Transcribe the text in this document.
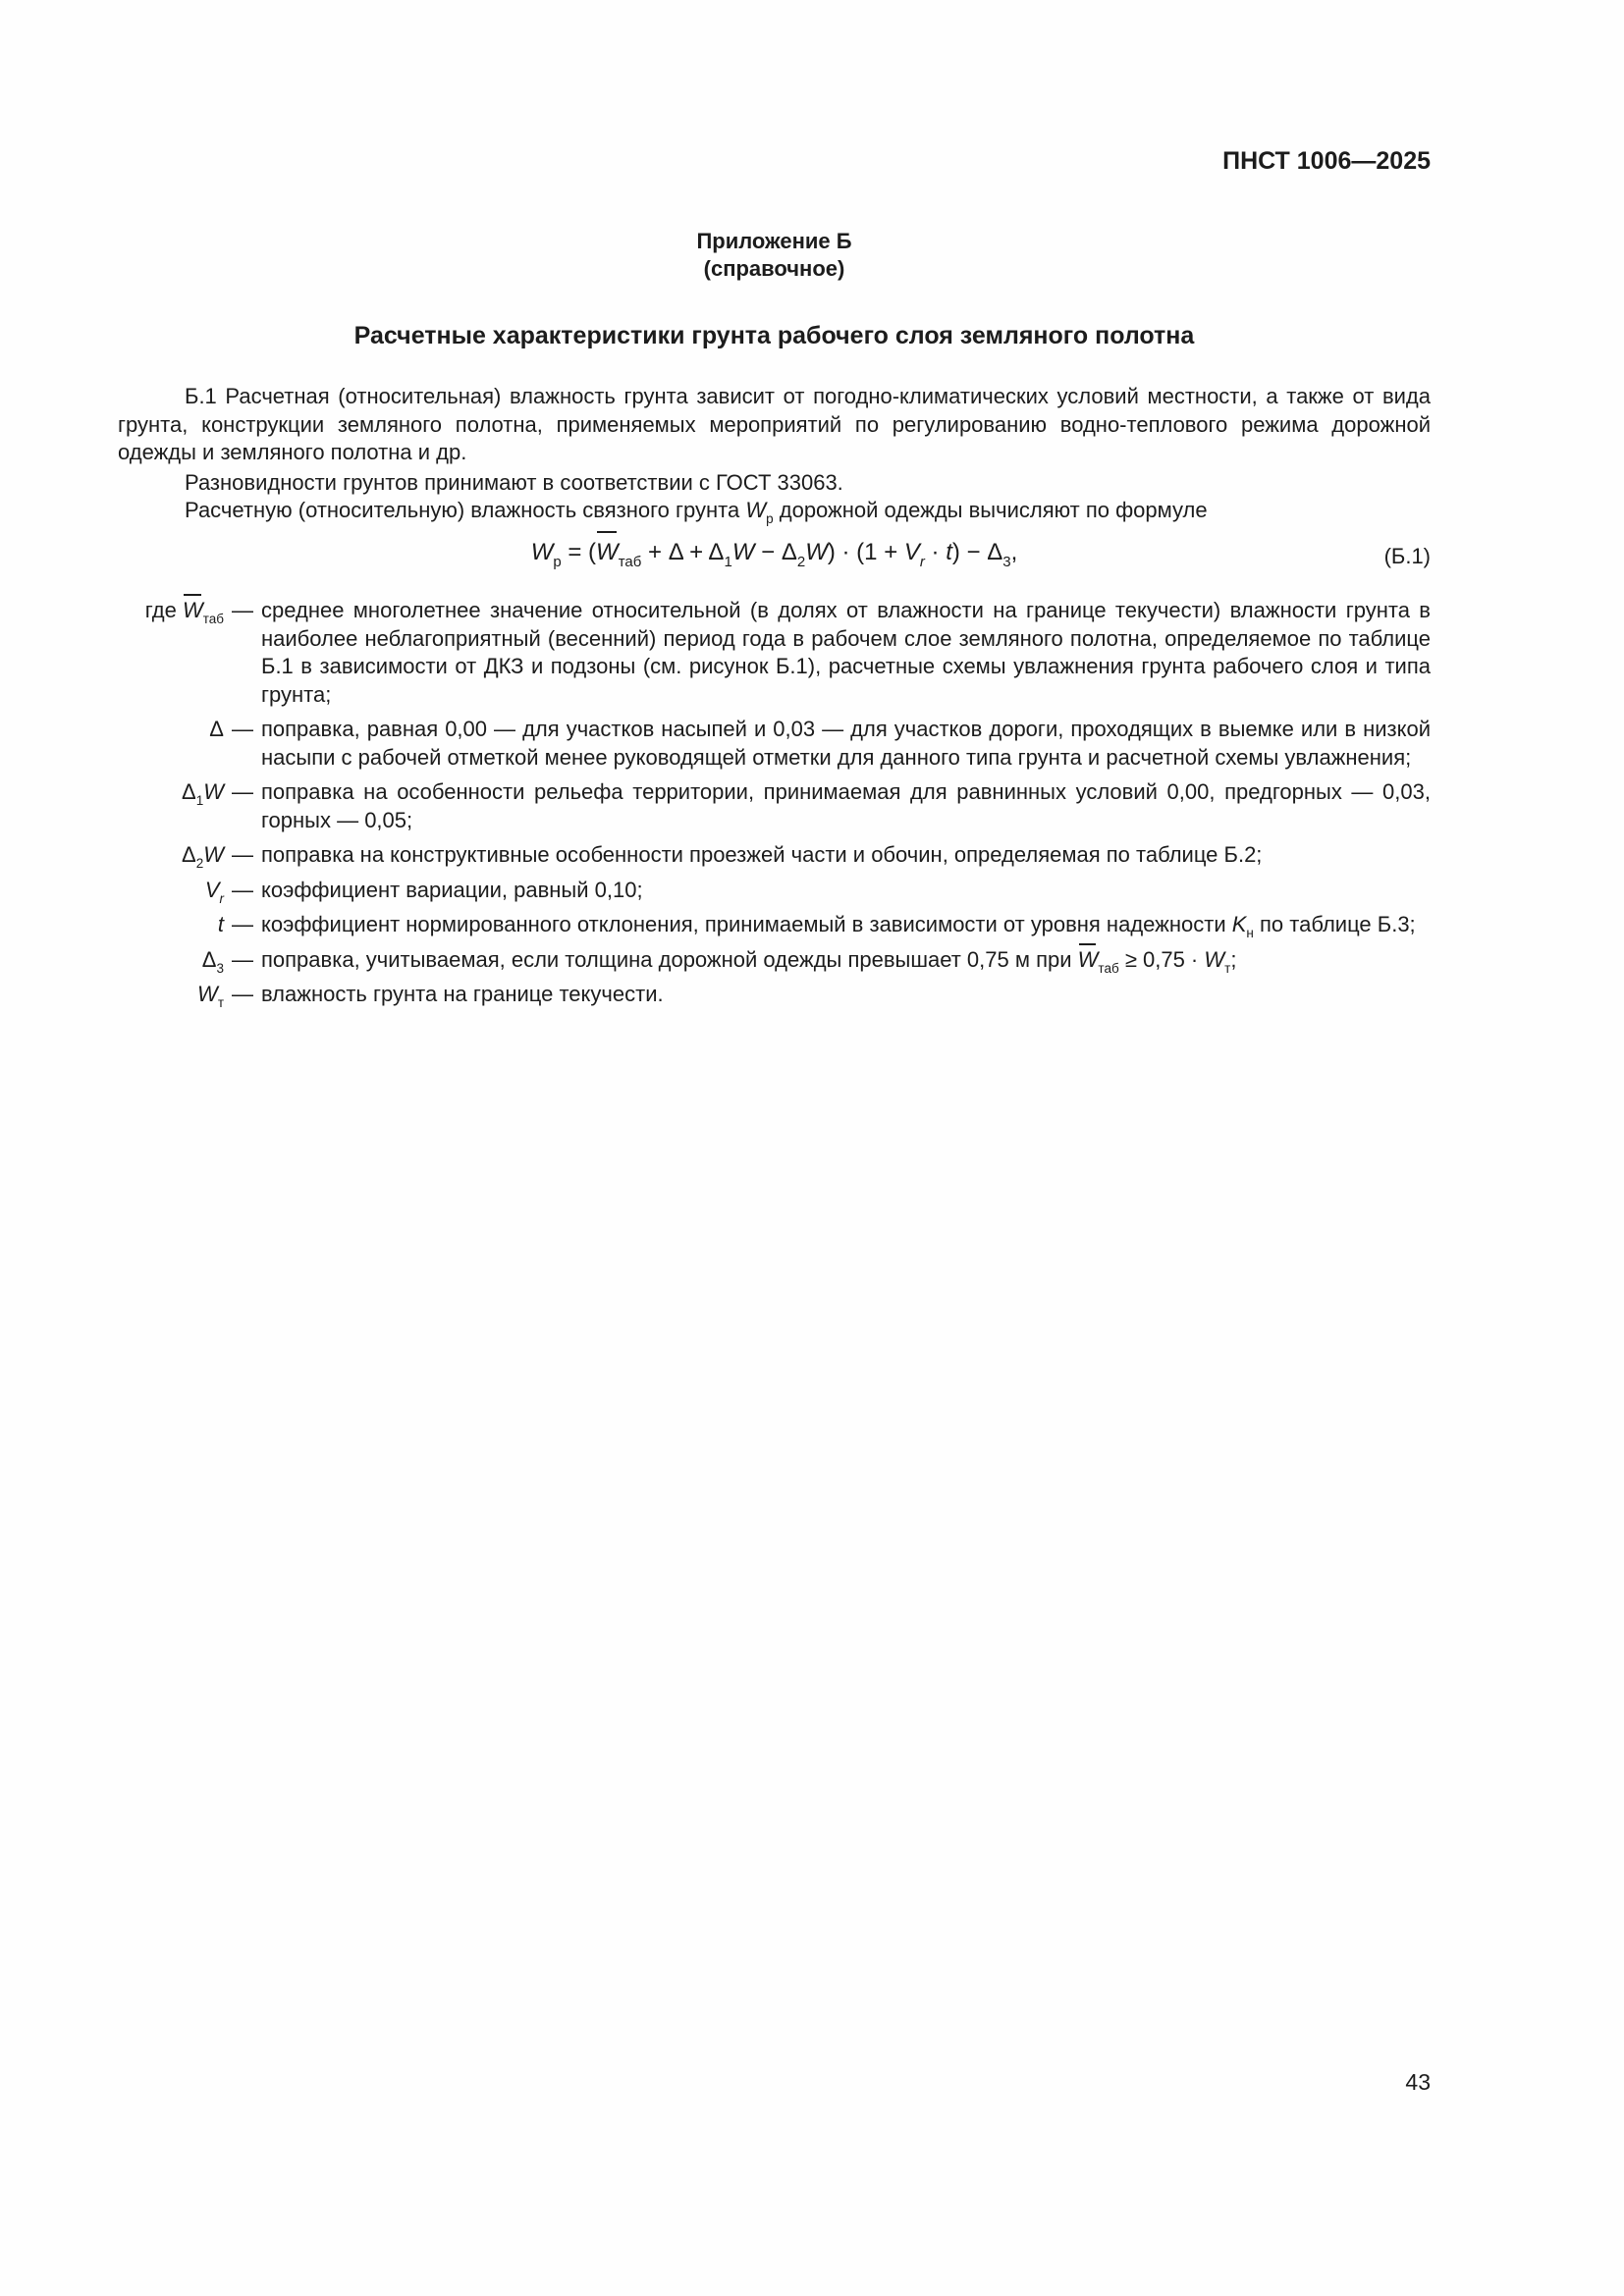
ПНСТ 1006—2025
Приложение Б
(справочное)
Расчетные характеристики грунта рабочего слоя земляного полотна
Б.1 Расчетная (относительная) влажность грунта зависит от погодно-климатических условий местности, а также от вида грунта, конструкции земляного полотна, применяемых мероприятий по регулированию водно-теплового режима дорожной одежды и земляного полотна и др.
Разновидности грунтов принимают в соответствии с ГОСТ 33063.
Расчетную (относительную) влажность связного грунта $W_р$ дорожной одежды вычисляют по формуле
$W_р = (W_{таб} + \Delta + \Delta_1W - \Delta_2W) \cdot (1 + V_r \cdot t) - \Delta_3$,	(Б.1)
где $W_{таб}$ — среднее многолетнее значение относительной (в долях от влажности на границе текучести) влажности грунта в наиболее неблагоприятный (весенний) период года в рабочем слое земляного полотна, определяемое по таблице Б.1 в зависимости от ДКЗ и подзоны (см. рисунок Б.1), расчетные схемы увлажнения грунта рабочего слоя и типа грунта;
Δ — поправка, равная 0,00 — для участков насыпей и 0,03 — для участков дороги, проходящих в выемке или в низкой насыпи с рабочей отметкой менее руководящей отметки для данного типа грунта и расчетной схемы увлажнения;
$\Delta_1W$ — поправка на особенности рельефа территории, принимаемая для равнинных условий 0,00, предгорных — 0,03, горных — 0,05;
$\Delta_2W$ — поправка на конструктивные особенности проезжей части и обочин, определяемая по таблице Б.2;
$V_r$ — коэффициент вариации, равный 0,10;
t — коэффициент нормированного отклонения, принимаемый в зависимости от уровня надежности $K_н$ по таблице Б.3;
$\Delta_3$ — поправка, учитываемая, если толщина дорожной одежды превышает 0,75 м при $W_{таб} \ge 0,75 \cdot W_т$;
$W_т$ — влажность грунта на границе текучести.
43
